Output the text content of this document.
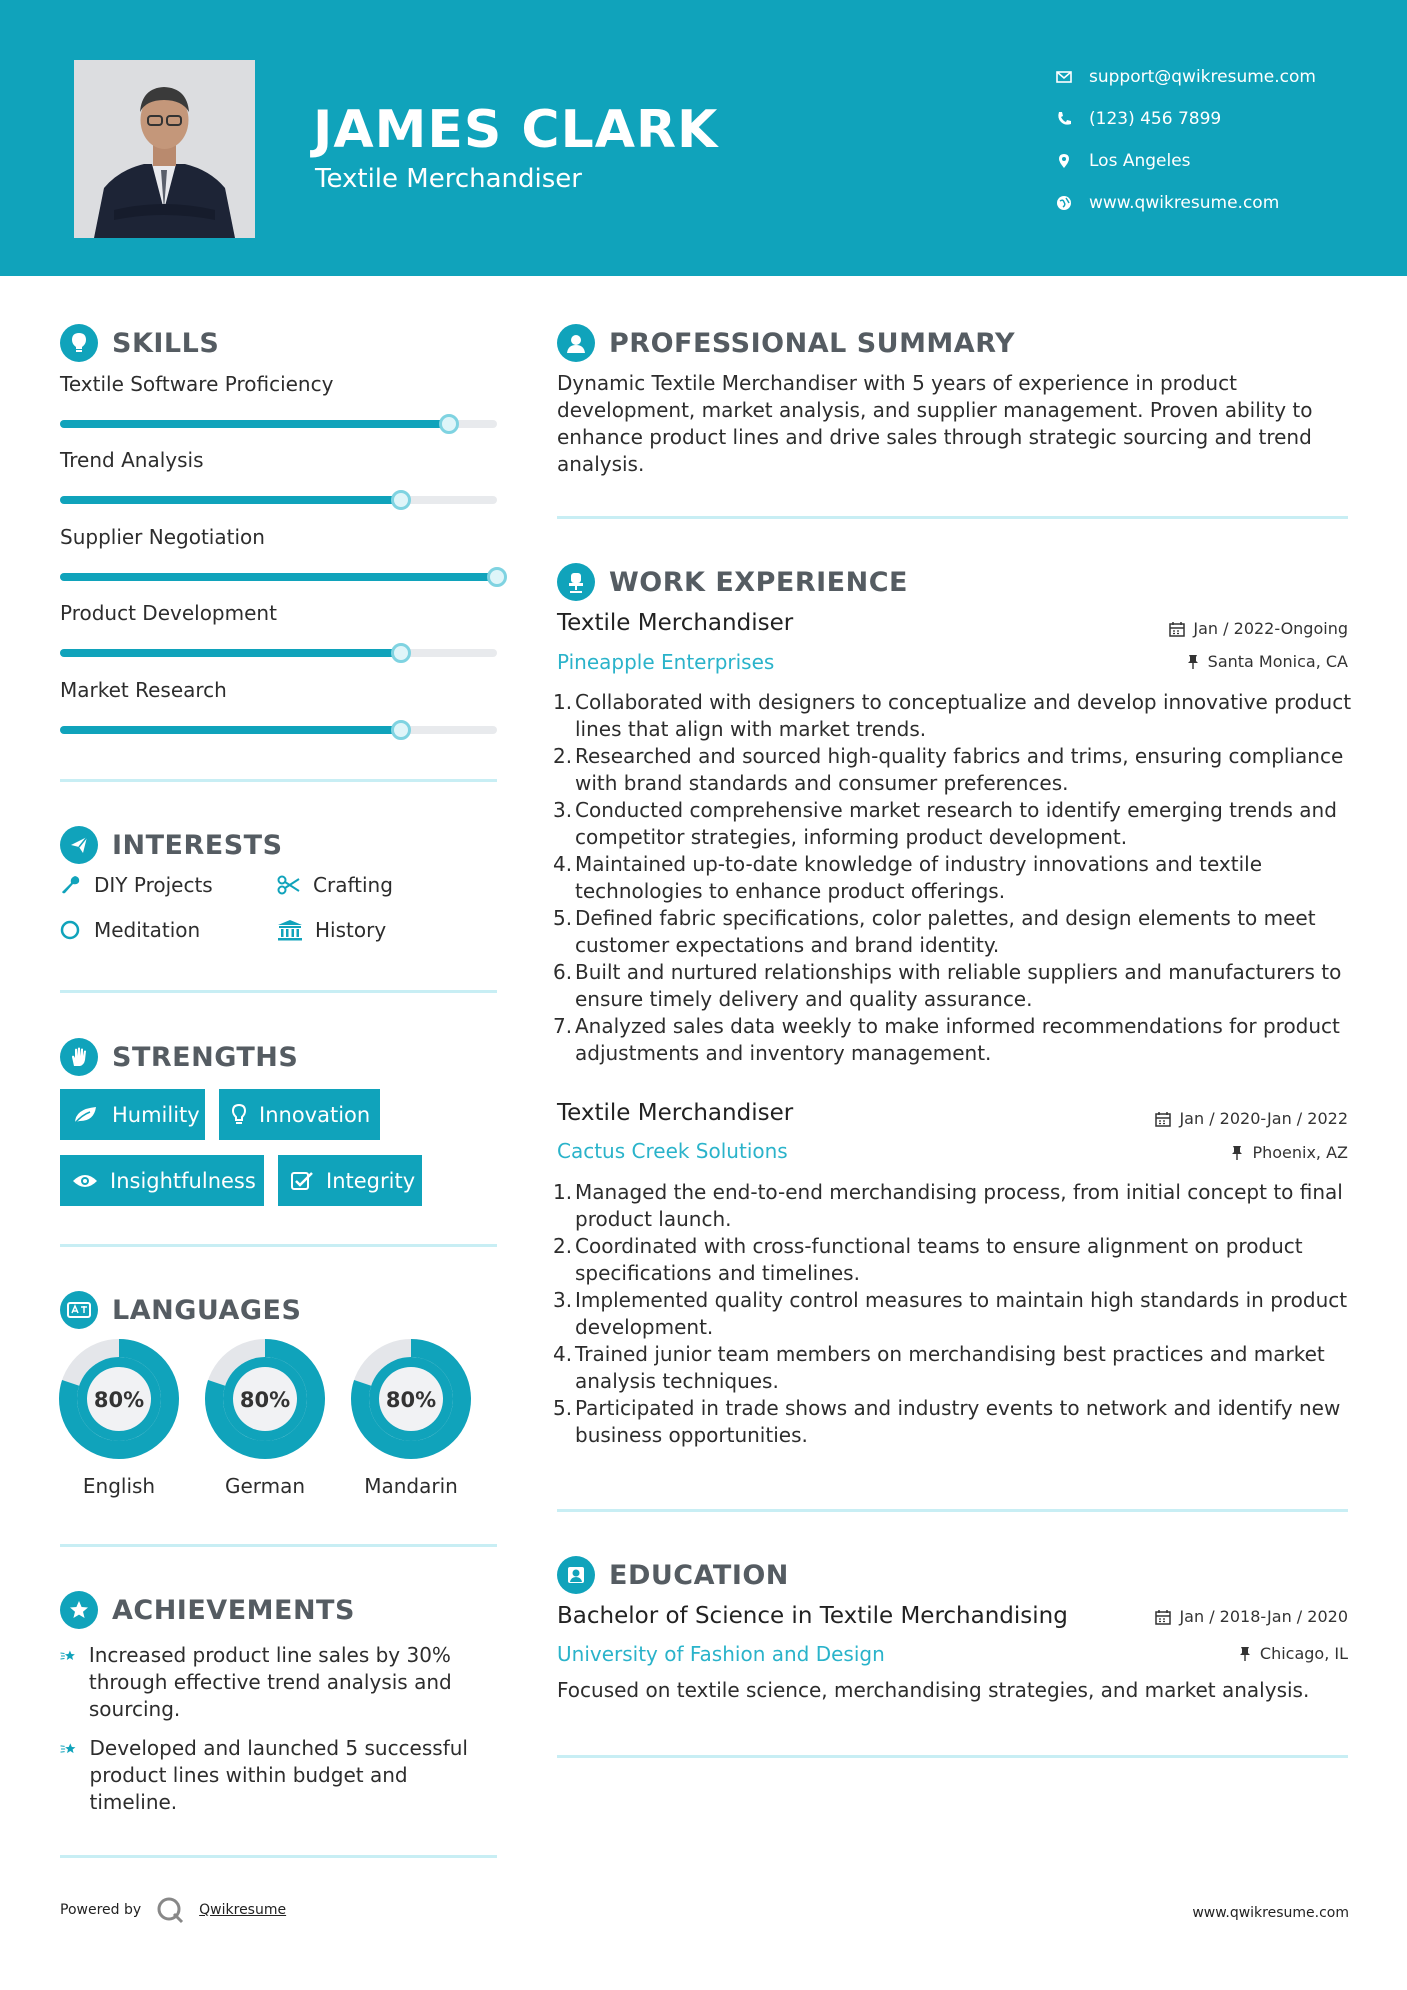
JAMES CLARK
Textile Merchandiser
support@qwikresume.com
(123) 456 7899
Los Angeles
www.qwikresume.com
SKILLS
Textile Software Proficiency
Trend Analysis
Supplier Negotiation
Product Development
Market Research
INTERESTS
DIY Projects	Crafting
Meditation	History
STRENGTHS
Humility	Innovation
Insightfulness	Integrity
LANGUAGES
80%
English
80%
German
80%
Mandarin
ACHIEVEMENTS
Increased product line sales by 30% through effective trend analysis and sourcing.
Developed and launched 5 successful product lines within budget and timeline.
PROFESSIONAL SUMMARY
Dynamic Textile Merchandiser with 5 years of experience in product development, market analysis, and supplier management. Proven ability to enhance product lines and drive sales through strategic sourcing and trend analysis.
WORK EXPERIENCE
Textile Merchandiser	Jan / 2022-Ongoing
Pineapple Enterprises	Santa Monica, CA
1. Collaborated with designers to conceptualize and develop innovative product lines that align with market trends.
2. Researched and sourced high-quality fabrics and trims, ensuring compliance with brand standards and consumer preferences.
3. Conducted comprehensive market research to identify emerging trends and competitor strategies, informing product development.
4. Maintained up-to-date knowledge of industry innovations and textile technologies to enhance product offerings.
5. Defined fabric specifications, color palettes, and design elements to meet customer expectations and brand identity.
6. Built and nurtured relationships with reliable suppliers and manufacturers to ensure timely delivery and quality assurance.
7. Analyzed sales data weekly to make informed recommendations for product adjustments and inventory management.
Textile Merchandiser	Jan / 2020-Jan / 2022
Cactus Creek Solutions	Phoenix, AZ
1. Managed the end-to-end merchandising process, from initial concept to final product launch.
2. Coordinated with cross-functional teams to ensure alignment on product specifications and timelines.
3. Implemented quality control measures to maintain high standards in product development.
4. Trained junior team members on merchandising best practices and market analysis techniques.
5. Participated in trade shows and industry events to network and identify new business opportunities.
EDUCATION
Bachelor of Science in Textile Merchandising	Jan / 2018-Jan / 2020
University of Fashion and Design	Chicago, IL
Focused on textile science, merchandising strategies, and market analysis.
Powered by	Qwikresume	www.qwikresume.com
